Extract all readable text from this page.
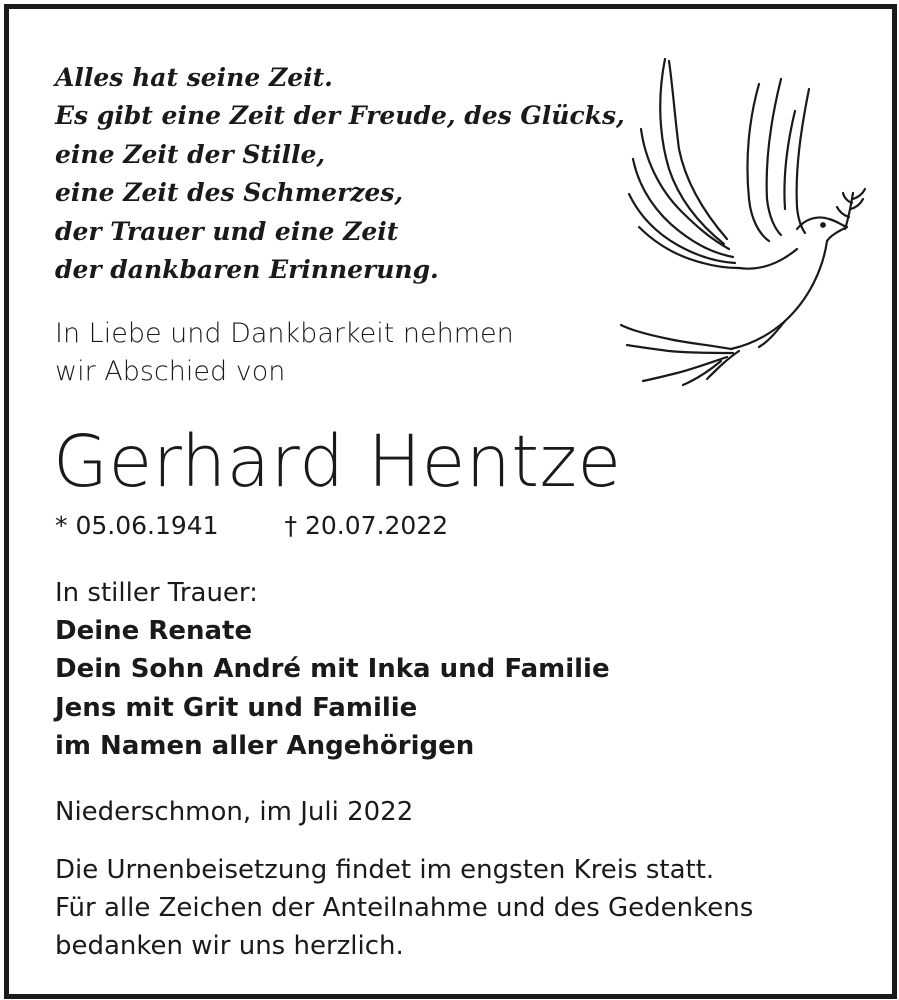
Alles hat seine Zeit.
Es gibt eine Zeit der Freude, des Glücks,
eine Zeit der Stille,
eine Zeit des Schmerzes,
der Trauer und eine Zeit
der dankbaren Erinnerung.
In Liebe und Dankbarkeit nehmen
wir Abschied von
Gerhard Hentze
* 05.06.1941	† 20.07.2022
In stiller Trauer:
Deine Renate
Dein Sohn André mit Inka und Familie
Jens mit Grit und Familie
im Namen aller Angehörigen
Niederschmon, im Juli 2022
Die Urnenbeisetzung findet im engsten Kreis statt.
Für alle Zeichen der Anteilnahme und des Gedenkens
bedanken wir uns herzlich.
